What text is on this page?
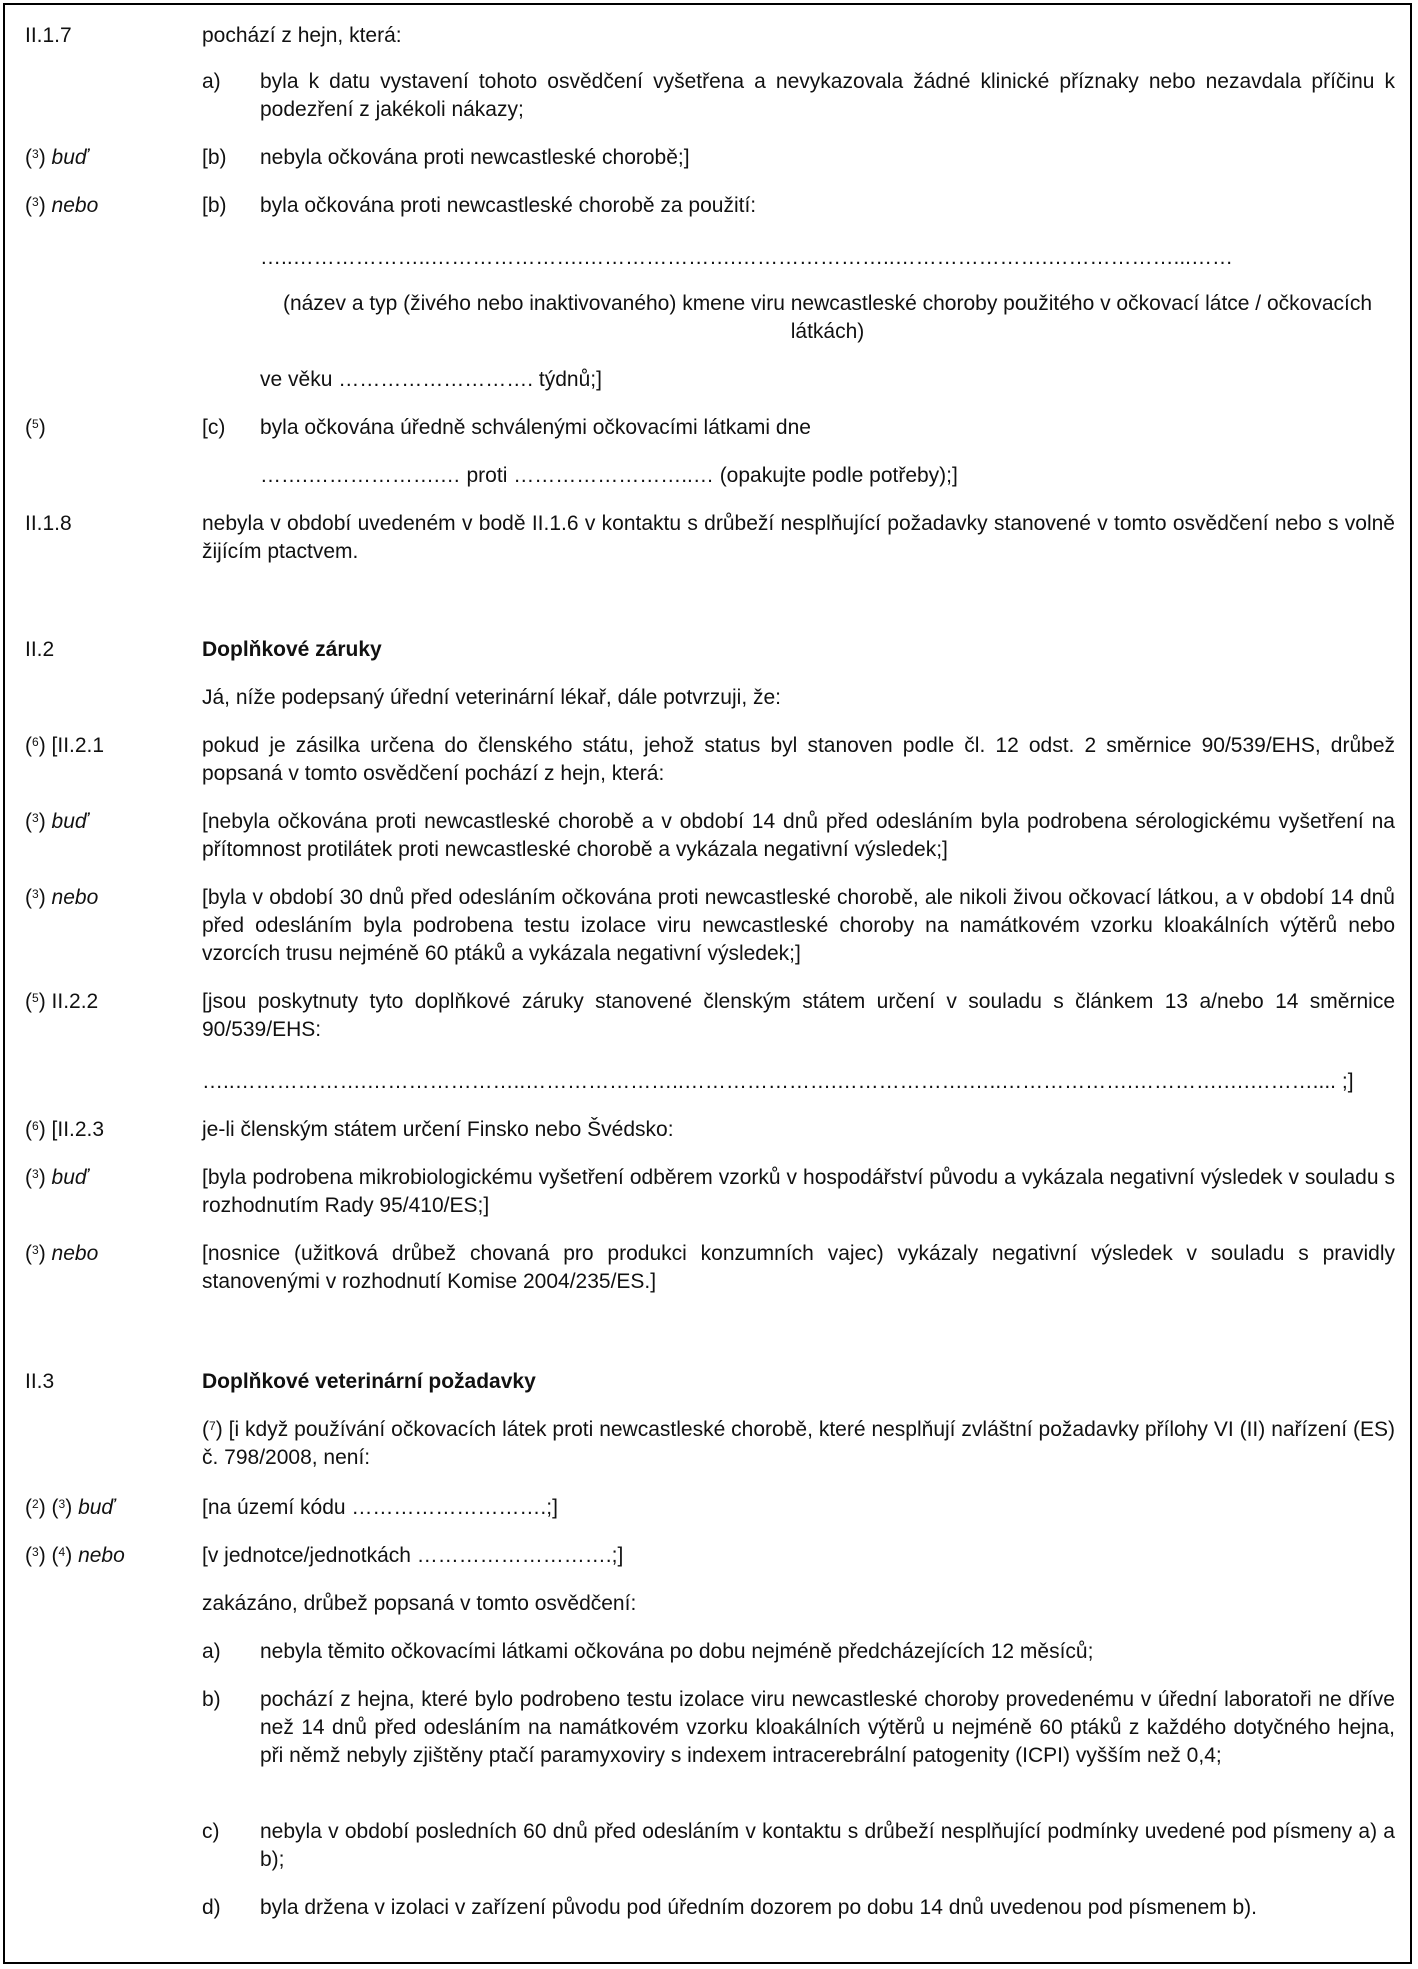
II.1.7	pochází z hejn, která:
a) byla k datu vystavení tohoto osvědčení vyšetřena a nevykazovala žádné klinické příznaky nebo nezavdala příčinu k podezření z jakékoli nákazy;
($^3$) buď	[b) nebyla očkována proti newcastleské chorobě;]
($^3$) nebo	[b) byla očkována proti newcastleské chorobě za použití:
…..………………..………………….………………….…………………..………………….………………...……
(název a typ (živého nebo inaktivovaného) kmene viru newcastleské choroby použitého v očkovací látce / očkovacích látkách)
ve věku ………………………. týdnů;]
($^5$)	[c) byla očkována úředně schválenými očkovacími látkami dne
…….……………….… proti ……………………..… (opakujte podle potřeby);]
II.1.8	nebyla v období uvedeném v bodě II.1.6 v kontaktu s drůbeží nesplňující požadavky stanovené v tomto osvědčení nebo s volně žijícím ptactvem.
II.2	Doplňkové záruky
Já, níže podepsaný úřední veterinární lékař, dále potvrzuji, že:
($^6$) [II.2.1	pokud je zásilka určena do členského státu, jehož status byl stanoven podle čl. 12 odst. 2 směrnice 90/539/EHS, drůbež popsaná v tomto osvědčení pochází z hejn, která:
($^3$) buď	[nebyla očkována proti newcastleské chorobě a v období 14 dnů před odesláním byla podrobena sérologickému vyšetření na přítomnost protilátek proti newcastleské chorobě a vykázala negativní výsledek;]
($^3$) nebo	[byla v období 30 dnů před odesláním očkována proti newcastleské chorobě, ale nikoli živou očkovací látkou, a v období 14 dnů před odesláním byla podrobena testu izolace viru newcastleské choroby na namátkovém vzorku kloakálních výtěrů nebo vzorcích trusu nejméně 60 ptáků a vykázala negativní výsledek;]
($^5$) II.2.2	[jsou poskytnuty tyto doplňkové záruky stanovené členským státem určení v souladu s článkem 13 a/nebo 14 směrnice 90/539/EHS:
…..……………….…………………..…………………..………………….……………….…..……………….………….….……….... ;]
($^6$) [II.2.3	je-li členským státem určení Finsko nebo Švédsko:
($^3$) buď	[byla podrobena mikrobiologickému vyšetření odběrem vzorků v hospodářství původu a vykázala negativní výsledek v souladu s rozhodnutím Rady 95/410/ES;]
($^3$) nebo	[nosnice (užitková drůbež chovaná pro produkci konzumních vajec) vykázaly negativní výsledek v souladu s pravidly stanovenými v rozhodnutí Komise 2004/235/ES.]
II.3	Doplňkové veterinární požadavky
($^7$) [i když používání očkovacích látek proti newcastleské chorobě, které nesplňují zvláštní požadavky přílohy VI (II) nařízení (ES) č. 798/2008, není:
($^2$) ($^3$) buď	[na území kódu ……………………….;]
($^3$) ($^4$) nebo	[v jednotce/jednotkách ……………………….;]
zakázáno, drůbež popsaná v tomto osvědčení:
a) nebyla těmito očkovacími látkami očkována po dobu nejméně předcházejících 12 měsíců;
b) pochází z hejna, které bylo podrobeno testu izolace viru newcastleské choroby provedenému v úřední laboratoři ne dříve než 14 dnů před odesláním na namátkovém vzorku kloakálních výtěrů u nejméně 60 ptáků z každého dotyčného hejna, při němž nebyly zjištěny ptačí paramyxoviry s indexem intracerebrální patogenity (ICPI) vyšším než 0,4;
c) nebyla v období posledních 60 dnů před odesláním v kontaktu s drůbeží nesplňující podmínky uvedené pod písmeny a) a b);
d) byla držena v izolaci v zařízení původu pod úředním dozorem po dobu 14 dnů uvedenou pod písmenem b).
